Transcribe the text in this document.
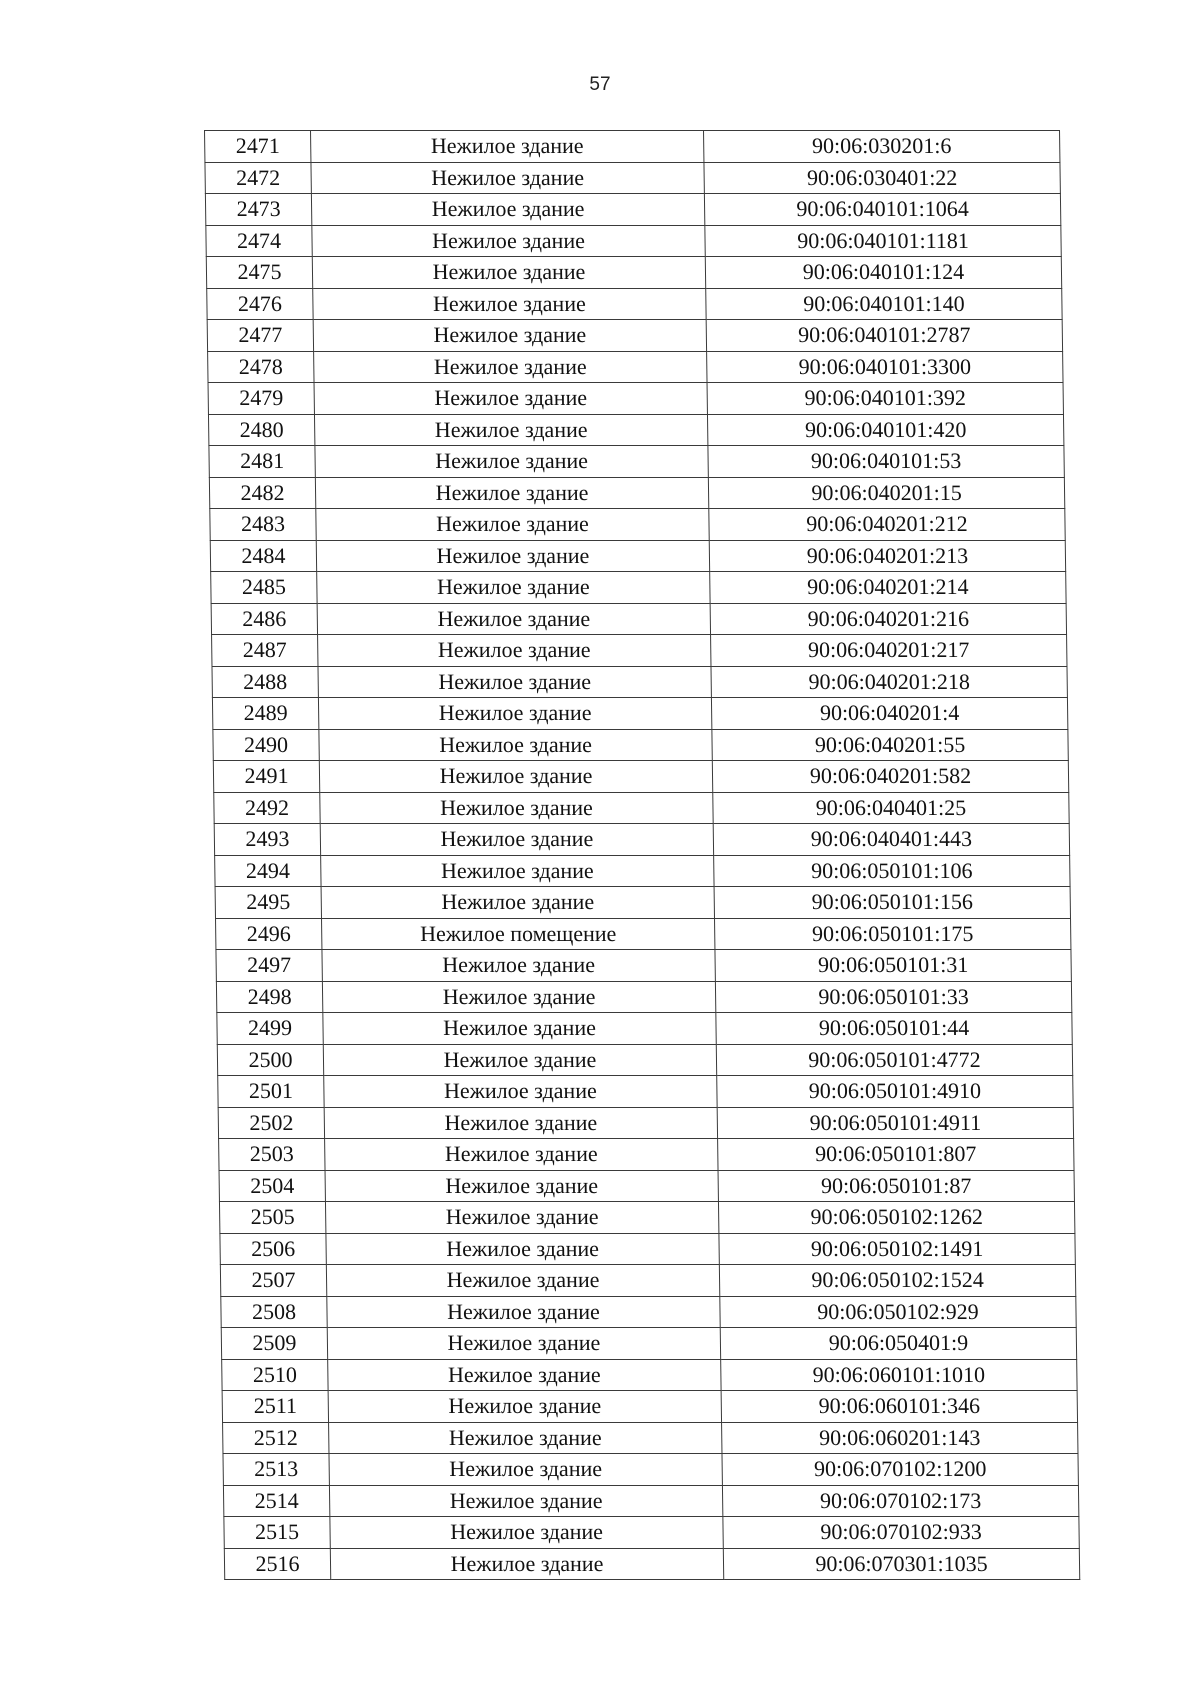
57
2471	Нежилое здание	90:06:030201:6
2472	Нежилое здание	90:06:030401:22
2473	Нежилое здание	90:06:040101:1064
2474	Нежилое здание	90:06:040101:1181
2475	Нежилое здание	90:06:040101:124
2476	Нежилое здание	90:06:040101:140
2477	Нежилое здание	90:06:040101:2787
2478	Нежилое здание	90:06:040101:3300
2479	Нежилое здание	90:06:040101:392
2480	Нежилое здание	90:06:040101:420
2481	Нежилое здание	90:06:040101:53
2482	Нежилое здание	90:06:040201:15
2483	Нежилое здание	90:06:040201:212
2484	Нежилое здание	90:06:040201:213
2485	Нежилое здание	90:06:040201:214
2486	Нежилое здание	90:06:040201:216
2487	Нежилое здание	90:06:040201:217
2488	Нежилое здание	90:06:040201:218
2489	Нежилое здание	90:06:040201:4
2490	Нежилое здание	90:06:040201:55
2491	Нежилое здание	90:06:040201:582
2492	Нежилое здание	90:06:040401:25
2493	Нежилое здание	90:06:040401:443
2494	Нежилое здание	90:06:050101:106
2495	Нежилое здание	90:06:050101:156
2496	Нежилое помещение	90:06:050101:175
2497	Нежилое здание	90:06:050101:31
2498	Нежилое здание	90:06:050101:33
2499	Нежилое здание	90:06:050101:44
2500	Нежилое здание	90:06:050101:4772
2501	Нежилое здание	90:06:050101:4910
2502	Нежилое здание	90:06:050101:4911
2503	Нежилое здание	90:06:050101:807
2504	Нежилое здание	90:06:050101:87
2505	Нежилое здание	90:06:050102:1262
2506	Нежилое здание	90:06:050102:1491
2507	Нежилое здание	90:06:050102:1524
2508	Нежилое здание	90:06:050102:929
2509	Нежилое здание	90:06:050401:9
2510	Нежилое здание	90:06:060101:1010
2511	Нежилое здание	90:06:060101:346
2512	Нежилое здание	90:06:060201:143
2513	Нежилое здание	90:06:070102:1200
2514	Нежилое здание	90:06:070102:173
2515	Нежилое здание	90:06:070102:933
2516	Нежилое здание	90:06:070301:1035
